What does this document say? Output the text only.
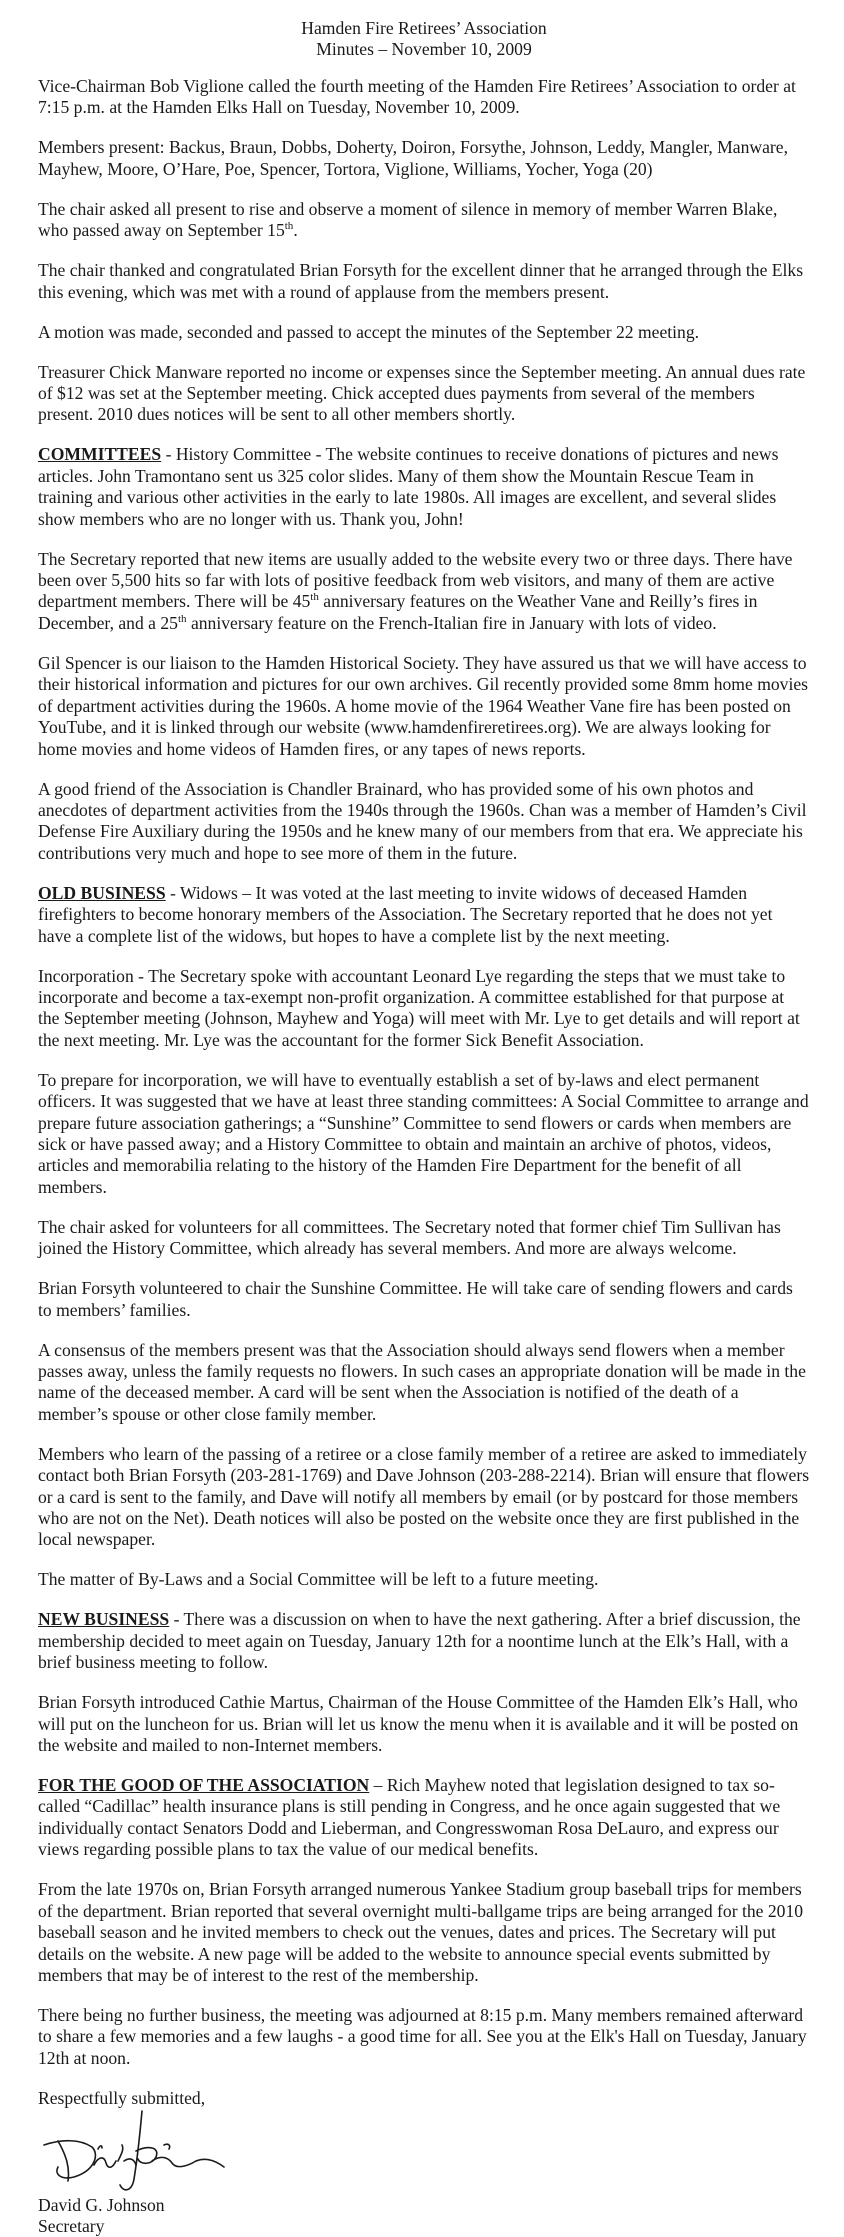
Hamden Fire Retirees’ Association
Minutes – November 10, 2009

Vice-Chairman Bob Viglione called the fourth meeting of the Hamden Fire Retirees’ Association to order at 7:15 p.m. at the Hamden Elks Hall on Tuesday, November 10, 2009.

Members present: Backus, Braun, Dobbs, Doherty, Doiron, Forsythe, Johnson, Leddy, Mangler, Manware, Mayhew, Moore, O’Hare, Poe, Spencer, Tortora, Viglione, Williams, Yocher, Yoga (20)

The chair asked all present to rise and observe a moment of silence in memory of member Warren Blake, who passed away on September 15th.

The chair thanked and congratulated Brian Forsyth for the excellent dinner that he arranged through the Elks this evening, which was met with a round of applause from the members present.

A motion was made, seconded and passed to accept the minutes of the September 22 meeting.

Treasurer Chick Manware reported no income or expenses since the September meeting. An annual dues rate of $12 was set at the September meeting. Chick accepted dues payments from several of the members present. 2010 dues notices will be sent to all other members shortly.

COMMITTEES - History Committee - The website continues to receive donations of pictures and news articles. John Tramontano sent us 325 color slides. Many of them show the Mountain Rescue Team in training and various other activities in the early to late 1980s. All images are excellent, and several slides show members who are no longer with us. Thank you, John!

The Secretary reported that new items are usually added to the website every two or three days. There have been over 5,500 hits so far with lots of positive feedback from web visitors, and many of them are active department members. There will be 45th anniversary features on the Weather Vane and Reilly’s fires in December, and a 25th anniversary feature on the French-Italian fire in January with lots of video.

Gil Spencer is our liaison to the Hamden Historical Society. They have assured us that we will have access to their historical information and pictures for our own archives. Gil recently provided some 8mm home movies of department activities during the 1960s. A home movie of the 1964 Weather Vane fire has been posted on YouTube, and it is linked through our website (www.hamdenfireretirees.org). We are always looking for home movies and home videos of Hamden fires, or any tapes of news reports.

A good friend of the Association is Chandler Brainard, who has provided some of his own photos and anecdotes of department activities from the 1940s through the 1960s. Chan was a member of Hamden’s Civil Defense Fire Auxiliary during the 1950s and he knew many of our members from that era. We appreciate his contributions very much and hope to see more of them in the future.

OLD BUSINESS - Widows – It was voted at the last meeting to invite widows of deceased Hamden firefighters to become honorary members of the Association. The Secretary reported that he does not yet have a complete list of the widows, but hopes to have a complete list by the next meeting.

Incorporation - The Secretary spoke with accountant Leonard Lye regarding the steps that we must take to incorporate and become a tax-exempt non-profit organization. A committee established for that purpose at the September meeting (Johnson, Mayhew and Yoga) will meet with Mr. Lye to get details and will report at the next meeting. Mr. Lye was the accountant for the former Sick Benefit Association.

To prepare for incorporation, we will have to eventually establish a set of by-laws and elect permanent officers. It was suggested that we have at least three standing committees: A Social Committee to arrange and prepare future association gatherings; a “Sunshine” Committee to send flowers or cards when members are sick or have passed away; and a History Committee to obtain and maintain an archive of photos, videos, articles and memorabilia relating to the history of the Hamden Fire Department for the benefit of all members.

The chair asked for volunteers for all committees. The Secretary noted that former chief Tim Sullivan has joined the History Committee, which already has several members. And more are always welcome.

Brian Forsyth volunteered to chair the Sunshine Committee. He will take care of sending flowers and cards to members’ families.

A consensus of the members present was that the Association should always send flowers when a member passes away, unless the family requests no flowers. In such cases an appropriate donation will be made in the name of the deceased member. A card will be sent when the Association is notified of the death of a member’s spouse or other close family member.

Members who learn of the passing of a retiree or a close family member of a retiree are asked to immediately contact both Brian Forsyth (203-281-1769) and Dave Johnson (203-288-2214). Brian will ensure that flowers or a card is sent to the family, and Dave will notify all members by email (or by postcard for those members who are not on the Net). Death notices will also be posted on the website once they are first published in the local newspaper.

The matter of By-Laws and a Social Committee will be left to a future meeting.

NEW BUSINESS - There was a discussion on when to have the next gathering. After a brief discussion, the membership decided to meet again on Tuesday, January 12th for a noontime lunch at the Elk’s Hall, with a brief business meeting to follow.

Brian Forsyth introduced Cathie Martus, Chairman of the House Committee of the Hamden Elk’s Hall, who will put on the luncheon for us. Brian will let us know the menu when it is available and it will be posted on the website and mailed to non-Internet members.

FOR THE GOOD OF THE ASSOCIATION – Rich Mayhew noted that legislation designed to tax so-called “Cadillac” health insurance plans is still pending in Congress, and he once again suggested that we individually contact Senators Dodd and Lieberman, and Congresswoman Rosa DeLauro, and express our views regarding possible plans to tax the value of our medical benefits.

From the late 1970s on, Brian Forsyth arranged numerous Yankee Stadium group baseball trips for members of the department. Brian reported that several overnight multi-ballgame trips are being arranged for the 2010 baseball season and he invited members to check out the venues, dates and prices. The Secretary will put details on the website. A new page will be added to the website to announce special events submitted by members that may be of interest to the rest of the membership.

There being no further business, the meeting was adjourned at 8:15 p.m. Many members remained afterward to share a few memories and a few laughs - a good time for all. See you at the Elk's Hall on Tuesday, January 12th at noon.

Respectfully submitted,
David G. Johnson
Secretary
